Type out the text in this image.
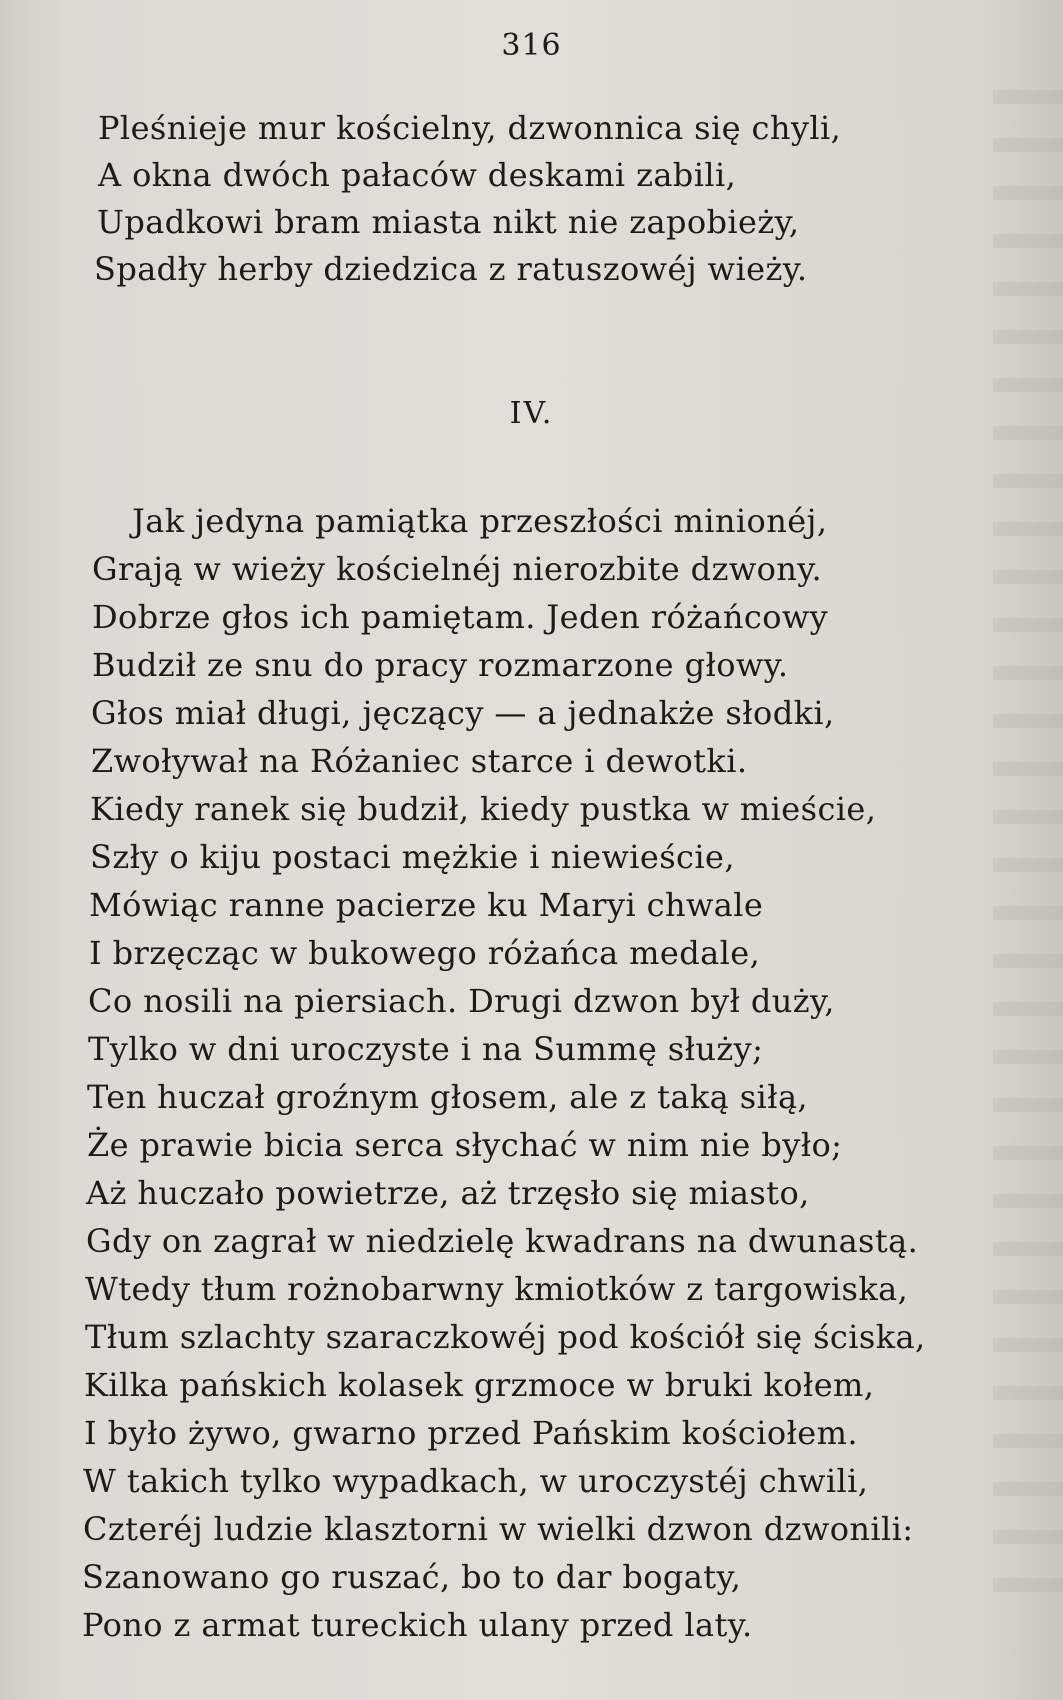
316
Pleśnieje mur kościelny, dzwonnica się chyli,
A okna dwóch pałaców deskami zabili,
Upadkowi bram miasta nikt nie zapobieży,
Spadły herby dziedzica z ratuszowéj wieży.
IV.
Jak jedyna pamiątka przeszłości minionéj,
Grają w wieży kościelnéj nierozbite dzwony.
Dobrze głos ich pamiętam. Jeden różańcowy
Budził ze snu do pracy rozmarzone głowy.
Głos miał długi, jęczący — a jednakże słodki,
Zwoływał na Różaniec starce i dewotki.
Kiedy ranek się budził, kiedy pustka w mieście,
Szły o kiju postaci mężkie i niewieście,
Mówiąc ranne pacierze ku Maryi chwale
I brzęcząc w bukowego różańca medale,
Co nosili na piersiach. Drugi dzwon był duży,
Tylko w dni uroczyste i na Summę służy;
Ten huczał groźnym głosem, ale z taką siłą,
Że prawie bicia serca słychać w nim nie było;
Aż huczało powietrze, aż trzęsło się miasto,
Gdy on zagrał w niedzielę kwadrans na dwunastą.
Wtedy tłum rożnobarwny kmiotków z targowiska,
Tłum szlachty szaraczkowéj pod kościół się ściska,
Kilka pańskich kolasek grzmoce w bruki kołem,
I było żywo, gwarno przed Pańskim kościołem.
W takich tylko wypadkach, w uroczystéj chwili,
Czteréj ludzie klasztorni w wielki dzwon dzwonili:
Szanowano go ruszać, bo to dar bogaty,
Pono z armat tureckich ulany przed laty.
